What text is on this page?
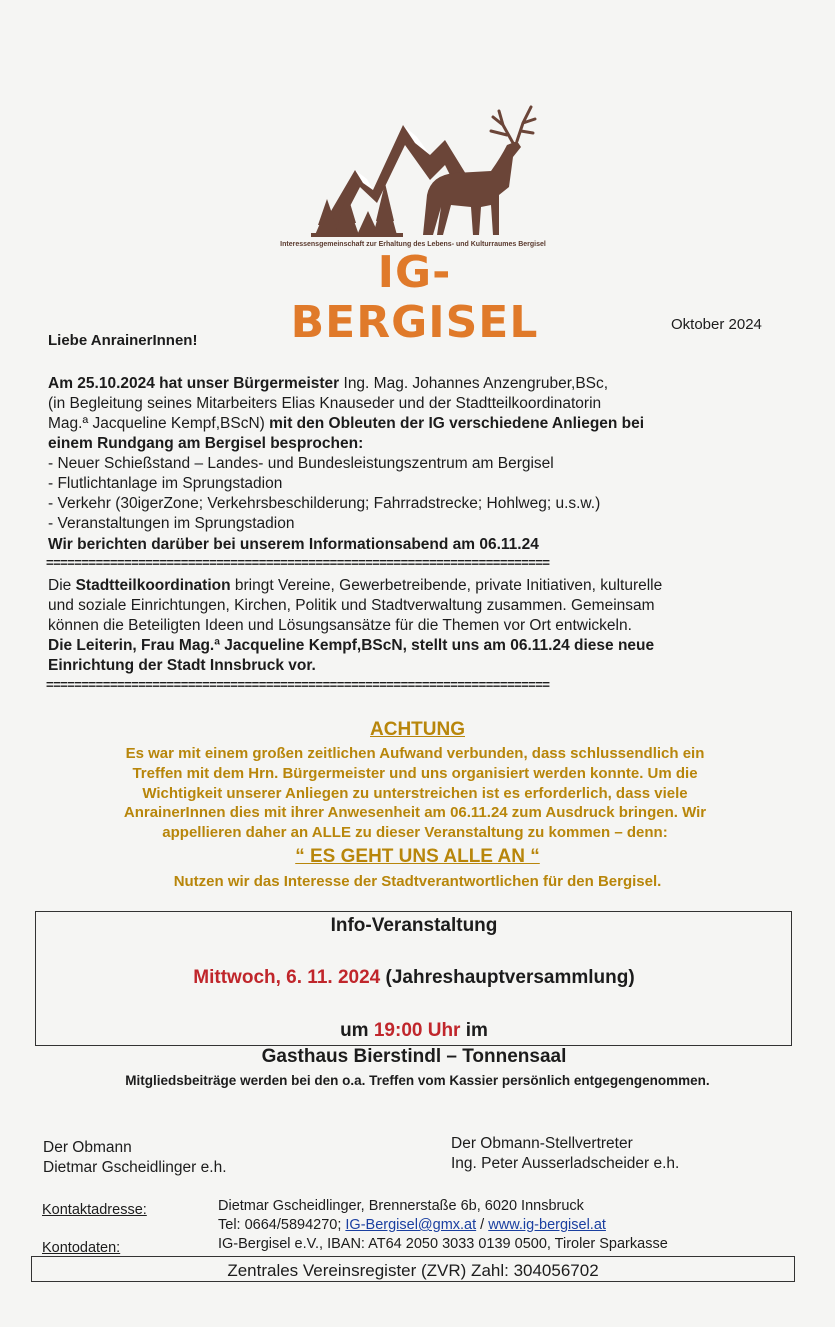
Interessensgemeinschaft zur Erhaltung des Lebens- und Kulturraumes Bergisel
IG-BERGISEL	Oktober 2024
Liebe AnrainerInnen!
Am 25.10.2024 hat unser Bürgermeister Ing. Mag. Johannes Anzengruber,BSc,
(in Begleitung seines Mitarbeiters Elias Knauseder und der Stadtteilkoordinatorin
Mag.ª Jacqueline Kempf,BScN) mit den Obleuten der IG verschiedene Anliegen bei
einem Rundgang am Bergisel besprochen:
- Neuer Schießstand – Landes- und Bundesleistungszentrum am Bergisel
- Flutlichtanlage im Sprungstadion
- Verkehr (30igerZone; Verkehrsbeschilderung; Fahrradstrecke; Hohlweg; u.s.w.)
- Veranstaltungen im Sprungstadion
Wir berichten darüber bei unserem Informationsabend am 06.11.24
=======================================================================
Die Stadtteilkoordination bringt Vereine, Gewerbetreibende, private Initiativen, kulturelle
und soziale Einrichtungen, Kirchen, Politik und Stadtverwaltung zusammen. Gemeinsam
können die Beteiligten Ideen und Lösungsansätze für die Themen vor Ort entwickeln.
Die Leiterin, Frau Mag.ª Jacqueline Kempf,BScN, stellt uns am 06.11.24 diese neue
Einrichtung der Stadt Innsbruck vor.
=======================================================================
ACHTUNG
Es war mit einem großen zeitlichen Aufwand verbunden, dass schlussendlich ein
Treffen mit dem Hrn. Bürgermeister und uns organisiert werden konnte. Um die
Wichtigkeit unserer Anliegen zu unterstreichen ist es erforderlich, dass viele
AnrainerInnen dies mit ihrer Anwesenheit am 06.11.24 zum Ausdruck bringen. Wir
appellieren daher an ALLE zu dieser Veranstaltung zu kommen – denn:
“ ES GEHT UNS ALLE AN “
Nutzen wir das Interesse der Stadtverantwortlichen für den Bergisel.
Info-Veranstaltung
Mittwoch, 6. 11. 2024 (Jahreshauptversammlung)
um 19:00 Uhr im
Gasthaus Bierstindl – Tonnensaal
Mitgliedsbeiträge werden bei den o.a. Treffen vom Kassier persönlich entgegengenommen.
Der Obmann
Dietmar Gscheidlinger e.h.
Der Obmann-Stellvertreter
Ing. Peter Ausserladscheider e.h.
Kontaktadresse:	Dietmar Gscheidlinger, Brennerstaße 6b, 6020 Innsbruck
Tel: 0664/5894270; IG-Bergisel@gmx.at / www.ig-bergisel.at
Kontodaten:	IG-Bergisel e.V., IBAN: AT64 2050 3033 0139 0500, Tiroler Sparkasse
Zentrales Vereinsregister (ZVR) Zahl: 304056702
